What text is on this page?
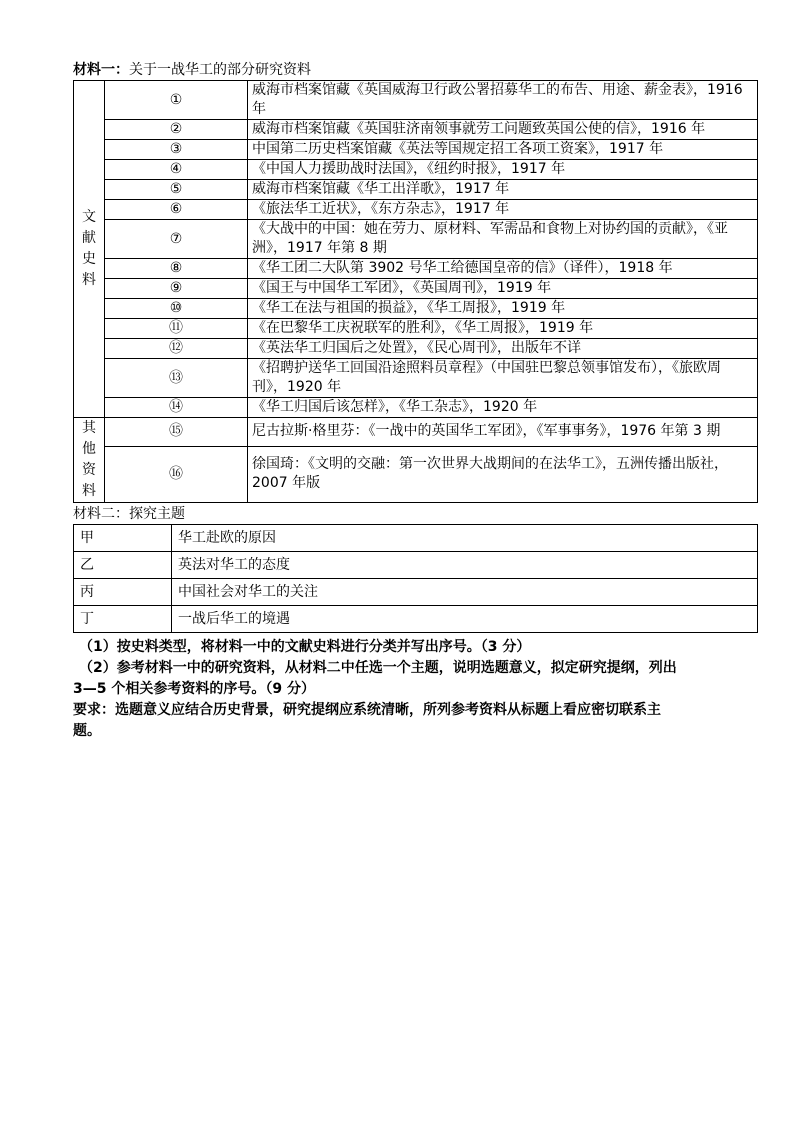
材料一：关于一战华工的部分研究资料
文
献
史
料	①	威海市档案馆藏《英国威海卫行政公署招募华工的布告、用途、薪金表》，1916 年
	②	威海市档案馆藏《英国驻济南领事就劳工问题致英国公使的信》，1916 年
	③	中国第二历史档案馆藏《英法等国规定招工各项工资案》，1917 年
	④	《中国人力援助战时法国》，《纽约时报》，1917 年
	⑤	威海市档案馆藏《华工出洋歌》，1917 年
	⑥	《旅法华工近状》，《东方杂志》，1917 年
	⑦	《大战中的中国：她在劳力、原材料、军需品和食物上对协约国的贡献》，《亚洲》，1917 年第 8 期
	⑧	《华工团二大队第 3902 号华工给德国皇帝的信》（译件），1918 年
	⑨	《国王与中国华工军团》，《英国周刊》，1919 年
	⑩	《华工在法与祖国的损益》，《华工周报》，1919 年
	⑪	《在巴黎华工庆祝联军的胜利》，《华工周报》，1919 年
	⑫	《英法华工归国后之处置》，《民心周刊》，出版年不详
	⑬	《招聘护送华工回国沿途照料员章程》（中国驻巴黎总领事馆发布），《旅欧周刊》，1920 年
	⑭	《华工归国后该怎样》，《华工杂志》，1920 年

其
他
资
料	⑮	尼古拉斯·格里芬：《一战中的英国华工军团》，《军事事务》，1976 年第 3 期
	⑯	徐国琦：《文明的交融：第一次世界大战期间的在法华工》，五洲传播出版社，2007 年版
材料二：探究主题
甲	华工赴欧的原因
乙	英法对华工的态度
丙	中国社会对华工的关注
丁	一战后华工的境遇
（1）按史料类型，将材料一中的文献史料进行分类并写出序号。（3 分）
（2）参考材料一中的研究资料，从材料二中任选一个主题，说明选题意义，拟定研究提纲，列出
3—5 个相关参考资料的序号。（9 分）
要求：选题意义应结合历史背景，研究提纲应系统清晰，所列参考资料从标题上看应密切联系主
题。
